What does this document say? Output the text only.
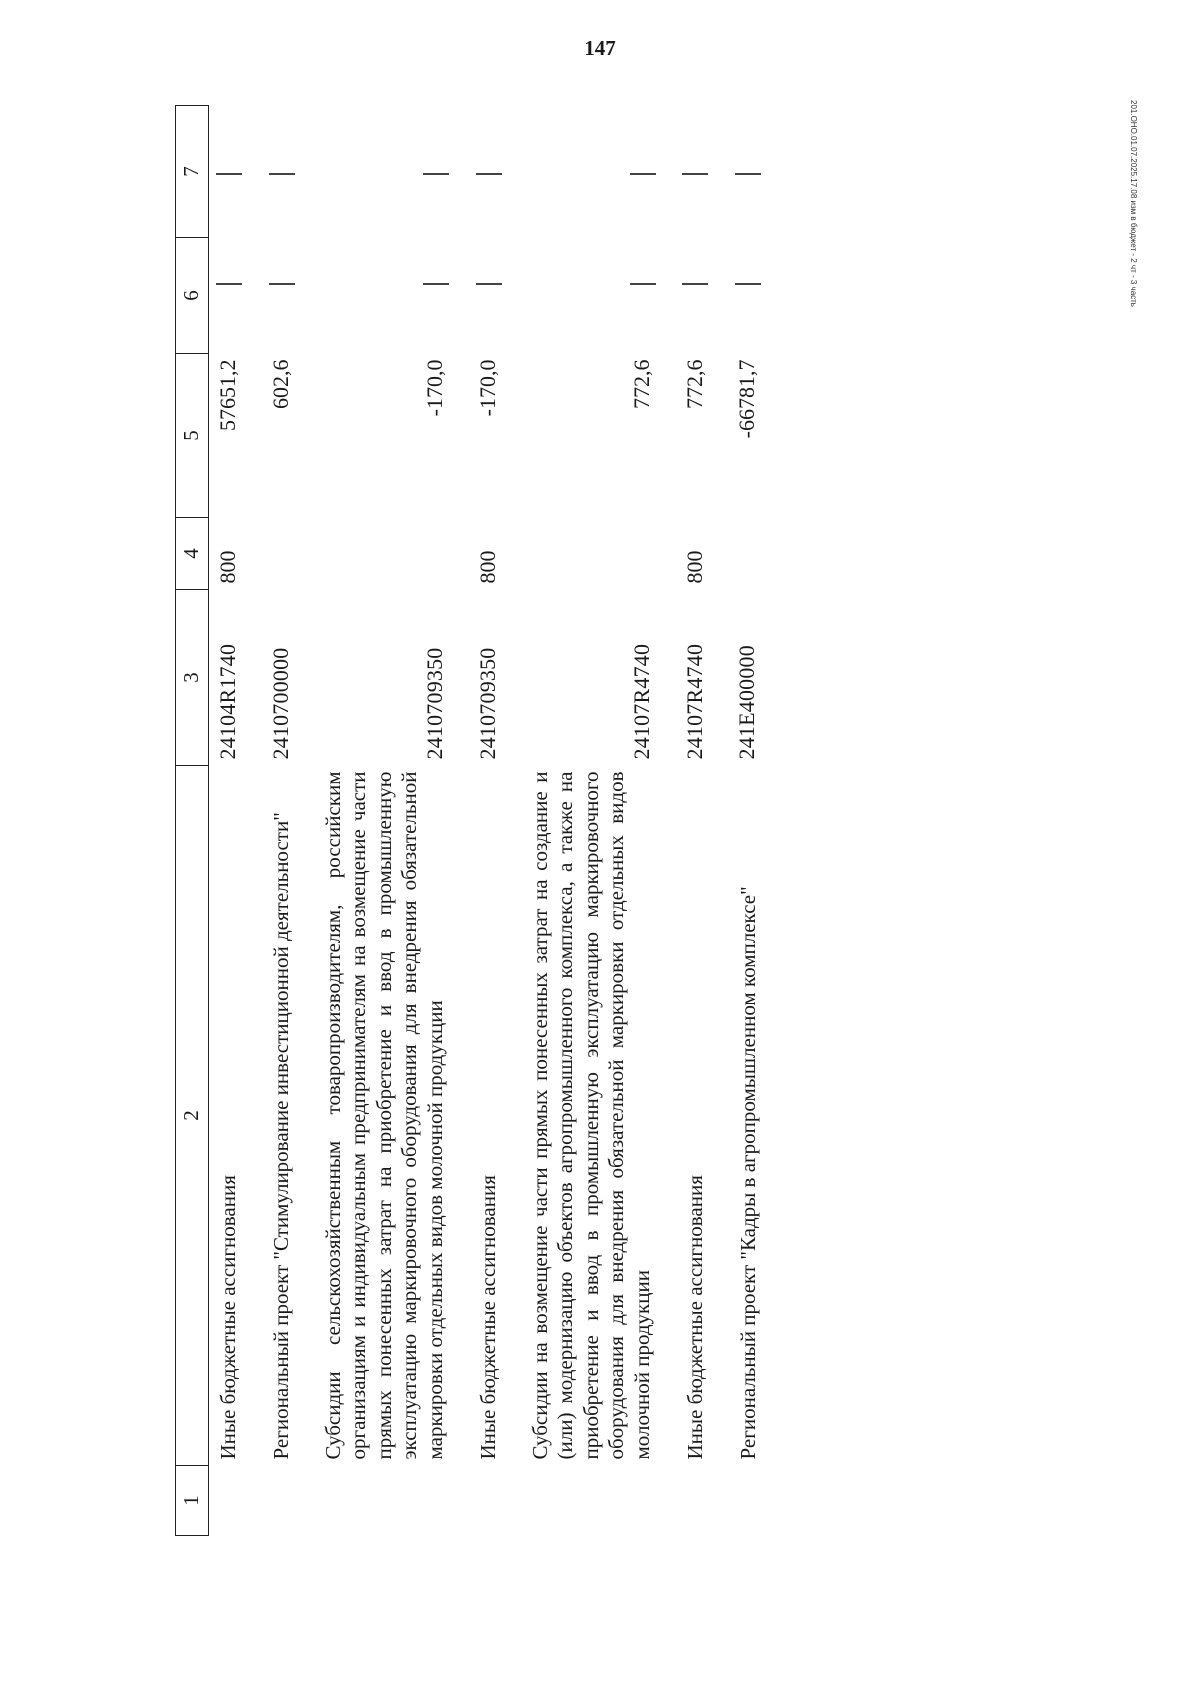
147
1	2	3	4	5	6	7
	Иные бюджетные ассигнования	24104R1740	800	57651,2	

	Региональный проект "Стимулирование инвестиционной деятельности"	2410700000		602,6	

	Субсидии сельскохозяйственным товаропроизводителям, российским организациям и индивидуальным предпринимателям на возмещение части прямых понесенных затрат на приобретение и ввод в промышленную эксплуатацию маркировочного оборудования для внедрения обязательной маркировки отдельных видов молочной продукции	2410709350		-170,0	

	Иные бюджетные ассигнования	2410709350	800	-170,0	

	Субсидии на возмещение части прямых понесенных затрат на создание и (или) модернизацию объектов агропромышленного комплекса, а также на приобретение и ввод в промышленную эксплуатацию маркировочного оборудования для внедрения обязательной маркировки отдельных видов молочной продукции	24107R4740		772,6	

	Иные бюджетные ассигнования	24107R4740	800	772,6	

	Региональный проект "Кадры в агропромышленном комплексе"	241E400000		-66781,7	

201.ОНО.01.07.2025.17.08 изм в бюджет - 2 чт - 3 часть
